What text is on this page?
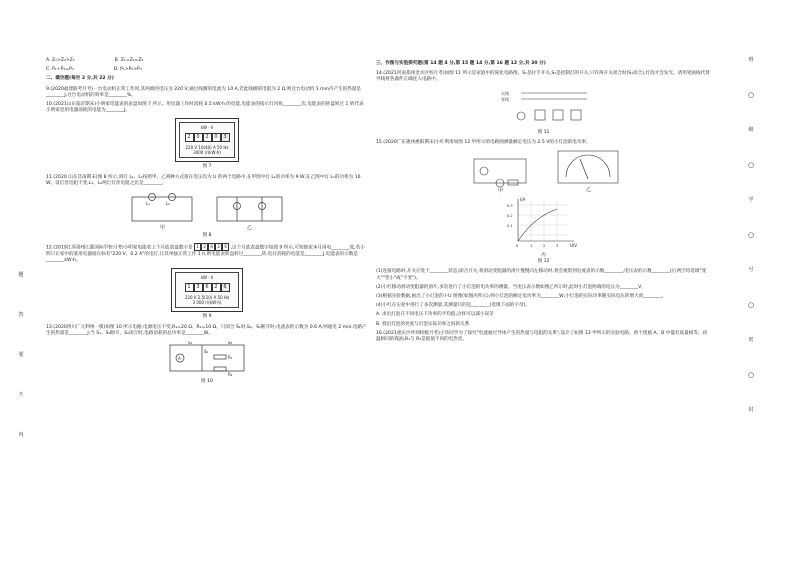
题
答
要
不
内
A. Z₁>Z₂>Z₃	B. Z₁=Z₂=Z₃
C. P₁+P₂=P₃	D. P₁>P₂>P₃
二、填空题(每空 2 分,共 22 分)

9.(2020福建联考月考)一台电动机正常工作时,其两端的电压为 220 V,通过线圈的电流为 10 A,若此线圈的电阻为 2 Ω,则这台电动机 1 min内产生的热量是________J,这台电动机的效率是________%。

10.(2021山东临沂期末)小明家电能表的表盘如图 7 所示。用电器工作时消耗 0.5 kW·h 的电能,电能表的指示灯闪烁________次,电能表的转盘转过 1 转代表小明家里用电器消耗的电能为________J。

kW · h
2	0	2	0	3
220 V 10(40) A 50 Hz
3000 r/(kW·h)
图 7

11.(2020 山东莒南期末)图 8 所示,将灯 L₁、L₂按照甲、乙两种方式接在电压均为 U 的两个电路中,在甲图中灯 L₁的功率为 9 W,在乙图中灯 L₁的功率为 16 W。设灯丝电阻不变,L₁、L₂两灯灯丝电阻之比是________。

甲	乙
L₁	L₂
图 8

12.(2019江苏扬州江都国际学校月考)小明家电能表上个月底表盘数字是 1	2	6	2	6 ,这个月底表盘数字如图 9 所示,可知他家本月用电________度,若小明只让家中的某用电器接在标有"220 V、0.2 A"的电灯,让其单独正常工作 1 h,则电能表转盘转过________转,电灯消耗的电能是________J,电能表的示数是________kW·h。

kW · h
1	3	6	2	6
220 V 2.5(10) A 50 Hz
3 000 r/(kW·h)
图 9

13.(2020四川广元利州一模)如图 10 所示电路,电源电压不变,R₁=20 Ω、R₂=10 Ω。只闭合 S₁时,S₂、S₃断开时,电流表的示数为 0.6 A,则通电 2 min,电路产生的热量是________J;当 S₁、S₃断开、S₂闭合时,电路消耗的总功率是________W。

A
S₁
S₂
S₃
R₁
R₂
图 10
三、作图与实验探究题(第 14 题 4 分,第 15 题 14 分,第 16 题 12 分,共 30 分)

14.(2021河南郑州金水区校月考)如图 11 所示是家庭中的简化电路图。S₁是拉手开关,S₂是控制灯的开关,只有两开关闭合时(S₁闭合),灯泡才会发光。请用笔画线代替导线将各器件正确连入电路中。

火线
零线
图 11

15.(2020广东惠州惠阳期末)小红利用如图 12 甲所示的电路图测量额定电压为 2.5 V的小灯泡的电功率。

甲	乙
I/A
U/V
0.3
0.2
0.1
0	1	2	3
丙
图 12

(1)连接电路时,开关应处于________状态;闭合开关,将滑动变阻器的滑片慢慢向左移动时,将会观察到电流表的示数________,电压表的示数________(后两空均选填"变大""变小"或"不变")。

(2)小红移动滑动变阻器的滑片,多次进行了小灯泡的电功率的测量。当电压表示数如图乙所示时,此时小灯泡两端的电压为________V。

(3)根据实验数据,画出了小灯泡的 I-U 图像(如图丙所示),则小灯泡的额定电功率为________W;小灯泡的实际功率随实际电压的增大而________。

(4)小红在实验中进行了多次测量,其测量目的是________(选填下面的字母)。

A. 求出灯泡在不同电压下功率的平均值,这样可以减小误差

B. 找出灯泡的亮度与灯泡实际功率之间的关系

16.(2021重庆沙坪坝校级月考)小华同学为了探究"电流通过导体产生的热量与电阻的关系",设计了如图 13 甲所示的实验电路。两个烧瓶 A、B 中盛有质量相等、初温相同的煤油,R₁与 R₂是阻值不同的电热丝。

班
○
级
○
学
○
号
○
密
○
封
